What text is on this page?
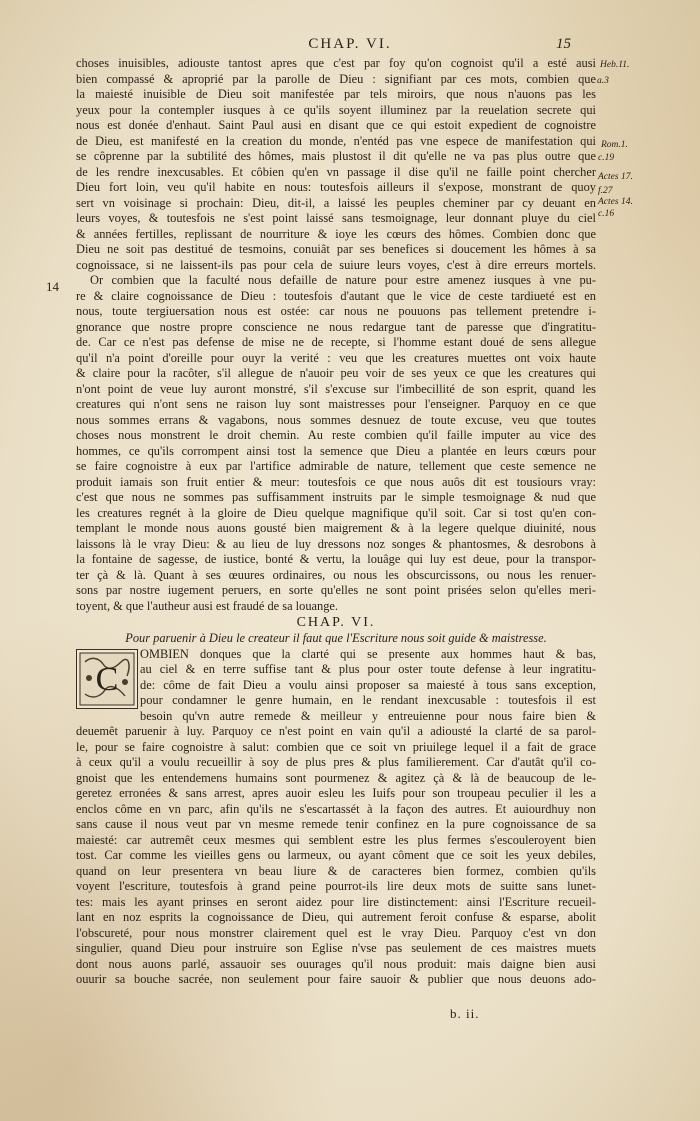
CHAP. VI.	15
Heb.11.
a.3
Rom.1.
c.19
Actes 17.
f.27
Actes 14.
c.16
14
choses inuisibles, adiouste tantost apres que c'est par foy qu'on cognoist qu'il a esté ausi
bien compassé & aproprié par la parolle de Dieu : signifiant par ces mots, combien que
la maiesté inuisible de Dieu soit manifestée par tels miroirs, que nous n'auons pas les
yeux pour la contempler iusques à ce qu'ils soyent illuminez par la reuelation secrete qui
nous est donée d'enhaut. Saint Paul ausi en disant que ce qui estoit expedient de cognoistre
de Dieu, est manifesté en la creation du monde, n'entéd pas vne espece de manifestation qui
se côprenne par la subtilité des hômes, mais plustost il dit qu'elle ne va pas plus outre que
de les rendre inexcusables. Et côbien qu'en vn passage il dise qu'il ne faille point chercher
Dieu fort loin, veu qu'il habite en nous: toutesfois ailleurs il s'expose, monstrant de quoy
sert vn voisinage si prochain: Dieu, dit-il, a laissé les peuples cheminer par cy deuant en
leurs voyes, & toutesfois ne s'est point laissé sans tesmoignage, leur donnant pluye du ciel
& années fertilles, replissant de nourriture & ioye les cœurs des hômes. Combien donc que
Dieu ne soit pas destitué de tesmoins, conuiât par ses benefices si doucement les hômes à sa
cognoissace, si ne laissent-ils pas pour cela de suiure leurs voyes, c'est à dire erreurs mortels.
Or combien que la faculté nous defaille de nature pour estre amenez iusques à vne pu-
re & claire cognoissance de Dieu : toutesfois d'autant que le vice de ceste tardiueté est en
nous, toute tergiuersation nous est ostée: car nous ne pouuons pas tellement pretendre i-
gnorance que nostre propre conscience ne nous redargue tant de paresse que d'ingratitu-
de. Car ce n'est pas defense de mise ne de recepte, si l'homme estant doué de sens allegue
qu'il n'a point d'oreille pour ouyr la verité : veu que les creatures muettes ont voix haute
& claire pour la racôter, s'il allegue de n'auoir peu voir de ses yeux ce que les creatures qui
n'ont point de veue luy auront monstré, s'il s'excuse sur l'imbecillité de son esprit, quand les
creatures qui n'ont sens ne raison luy sont maistresses pour l'enseigner. Parquoy en ce que
nous sommes errans & vagabons, nous sommes desnuez de toute excuse, veu que toutes
choses nous monstrent le droit chemin. Au reste combien qu'il faille imputer au vice des
hommes, ce qu'ils corrompent ainsi tost la semence que Dieu a plantée en leurs cœurs pour
se faire cognoistre à eux par l'artifice admirable de nature, tellement que ceste semence ne
produit iamais son fruit entier & meur: toutesfois ce que nous auôs dit est tousiours vray:
c'est que nous ne sommes pas suffisamment instruits par le simple tesmoignage & nud que
les creatures regnét à la gloire de Dieu quelque magnifique qu'il soit. Car si tost qu'en con-
templant le monde nous auons gousté bien maigrement & à la legere quelque diuinité, nous
laissons là le vray Dieu: & au lieu de luy dressons noz songes & phantosmes, & desrobons à
la fontaine de sagesse, de iustice, bonté & vertu, la louâge qui luy est deue, pour la transpor-
ter çà & là. Quant à ses œuures ordinaires, ou nous les obscurcissons, ou nous les renuer-
sons par nostre iugement peruers, en sorte qu'elles ne sont point prisées selon qu'elles meri-
toyent, & que l'autheur ausi est fraudé de sa louange.
CHAP. VI.
Pour paruenir à Dieu le createur il faut que l'Escriture nous soit guide & maistresse.
C
OMBIEN donques que la clarté qui se presente aux hommes haut & bas,
au ciel & en terre suffise tant & plus pour oster toute defense à leur ingratitu-
de: côme de fait Dieu a voulu ainsi proposer sa maiesté à tous sans exception,
pour condamner le genre humain, en le rendant inexcusable : toutesfois il est
besoin qu'vn autre remede & meilleur y entreuienne pour nous faire bien &
deuemêt paruenir à luy. Parquoy ce n'est point en vain qu'il a adiousté la clarté de sa parol-
le, pour se faire cognoistre à salut: combien que ce soit vn priuilege lequel il a fait de grace
à ceux qu'il a voulu recueillir à soy de plus pres & plus familierement. Car d'autât qu'il co-
gnoist que les entendemens humains sont pourmenez & agitez çà & là de beaucoup de le-
geretez erronées & sans arrest, apres auoir esleu les Iuifs pour son troupeau peculier il les a
enclos côme en vn parc, afin qu'ils ne s'escartassét à la façon des autres. Et auiourdhuy non
sans cause il nous veut par vn mesme remede tenir confinez en la pure cognoissance de sa
maiesté: car autremêt ceux mesmes qui semblent estre les plus fermes s'escouleroyent bien
tost. Car comme les vieilles gens ou larmeux, ou ayant côment que ce soit les yeux debiles,
quand on leur presentera vn beau liure & de caracteres bien formez, combien qu'ils
voyent l'escriture, toutesfois à grand peine pourrot-ils lire deux mots de suitte sans lunet-
tes: mais les ayant prinses en seront aidez pour lire distinctement: ainsi l'Escriture recueil-
lant en noz esprits la cognoissance de Dieu, qui autrement feroit confuse & esparse, abolit
l'obscureté, pour nous monstrer clairement quel est le vray Dieu. Parquoy c'est vn don
singulier, quand Dieu pour instruire son Eglise n'vse pas seulement de ces maistres muets
dont nous auons parlé, assauoir ses ouurages qu'il nous produit: mais daigne bien ausi
ouurir sa bouche sacrée, non seulement pour faire sauoir & publier que nous deuons ado-
b. ii.
